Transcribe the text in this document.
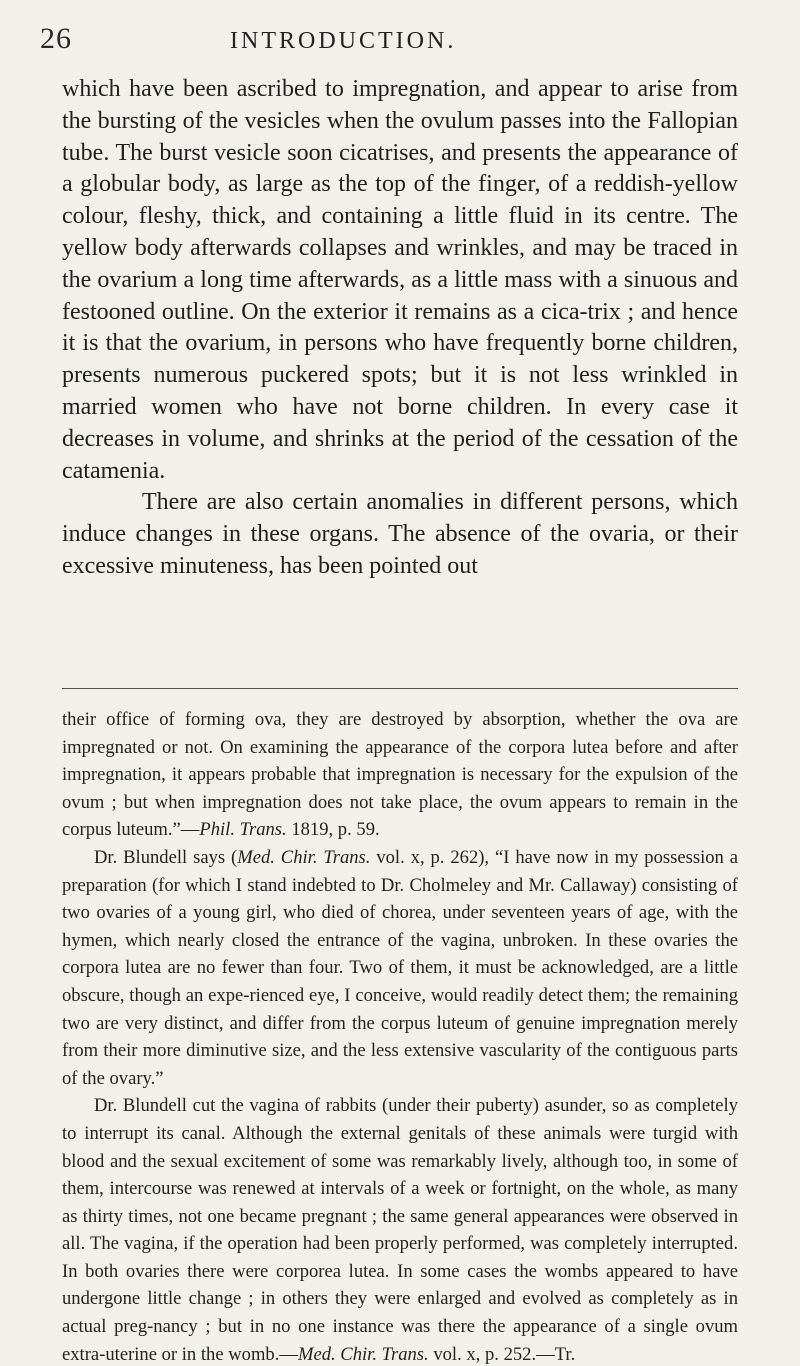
26	INTRODUCTION.

which have been ascribed to impregnation, and appear to arise from the bursting of the vesicles when the ovulum passes into the Fallopian tube. The burst vesicle soon cicatrises, and presents the appearance of a globular body, as large as the top of the finger, of a reddish-yellow colour, fleshy, thick, and containing a little fluid in its centre. The yellow body afterwards collapses and wrinkles, and may be traced in the ovarium a long time afterwards, as a little mass with a sinuous and festooned outline. On the exterior it remains as a cica-trix ; and hence it is that the ovarium, in persons who have frequently borne children, presents numerous puckered spots; but it is not less wrinkled in married women who have not borne children. In every case it decreases in volume, and shrinks at the period of the cessation of the catamenia.

There are also certain anomalies in different persons, which induce changes in these organs. The absence of the ovaria, or their excessive minuteness, has been pointed out

their office of forming ova, they are destroyed by absorption, whether the ova are impregnated or not. On examining the appearance of the corpora lutea before and after impregnation, it appears probable that impregnation is necessary for the expulsion of the ovum ; but when impregnation does not take place, the ovum appears to remain in the corpus luteum.”—Phil. Trans. 1819, p. 59.

Dr. Blundell says (Med. Chir. Trans. vol. x, p. 262), “I have now in my possession a preparation (for which I stand indebted to Dr. Cholmeley and Mr. Callaway) consisting of two ovaries of a young girl, who died of chorea, under seventeen years of age, with the hymen, which nearly closed the entrance of the vagina, unbroken. In these ovaries the corpora lutea are no fewer than four. Two of them, it must be acknowledged, are a little obscure, though an expe-rienced eye, I conceive, would readily detect them; the remaining two are very distinct, and differ from the corpus luteum of genuine impregnation merely from their more diminutive size, and the less extensive vascularity of the contiguous parts of the ovary.”

Dr. Blundell cut the vagina of rabbits (under their puberty) asunder, so as completely to interrupt its canal. Although the external genitals of these animals were turgid with blood and the sexual excitement of some was remarkably lively, although too, in some of them, intercourse was renewed at intervals of a week or fortnight, on the whole, as many as thirty times, not one became pregnant ; the same general appearances were observed in all. The vagina, if the operation had been properly performed, was completely interrupted. In both ovaries there were corporea lutea. In some cases the wombs appeared to have undergone little change ; in others they were enlarged and evolved as completely as in actual preg-nancy ; but in no one instance was there the appearance of a single ovum extra-uterine or in the womb.—Med. Chir. Trans. vol. x, p. 252.—Tr.
